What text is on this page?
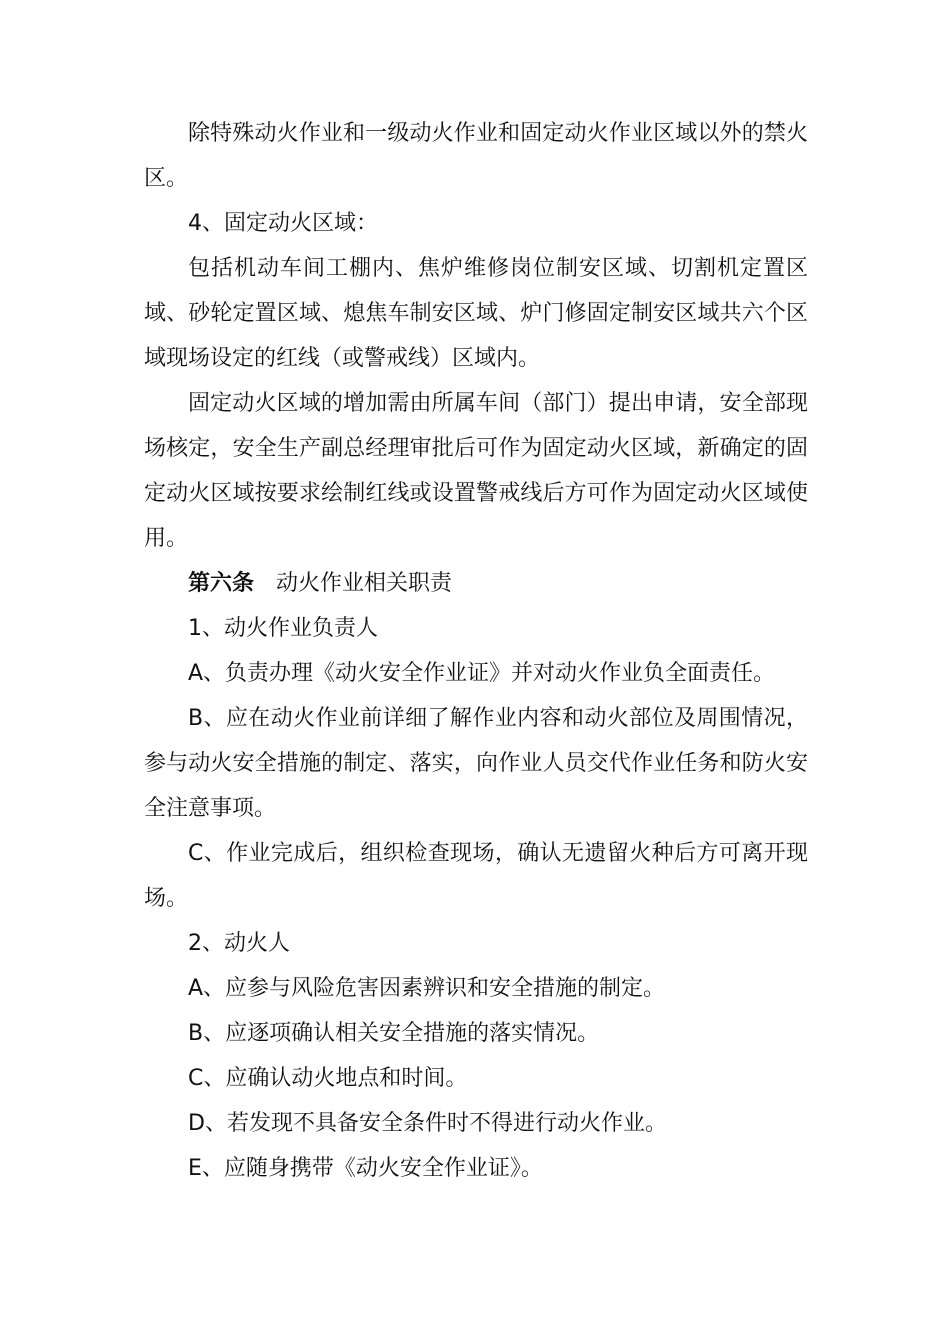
除特殊动火作业和一级动火作业和固定动火作业区域以外的禁火区。

4、固定动火区域：

包括机动车间工棚内、焦炉维修岗位制安区域、切割机定置区域、砂轮定置区域、熄焦车制安区域、炉门修固定制安区域共六个区域现场设定的红线（或警戒线）区域内。

固定动火区域的增加需由所属车间（部门）提出申请，安全部现场核定，安全生产副总经理审批后可作为固定动火区域，新确定的固定动火区域按要求绘制红线或设置警戒线后方可作为固定动火区域使用。

第六条 动火作业相关职责

1、动火作业负责人

A、负责办理《动火安全作业证》并对动火作业负全面责任。

B、应在动火作业前详细了解作业内容和动火部位及周围情况，参与动火安全措施的制定、落实，向作业人员交代作业任务和防火安全注意事项。

C、作业完成后，组织检查现场，确认无遗留火种后方可离开现场。

2、动火人

A、应参与风险危害因素辨识和安全措施的制定。

B、应逐项确认相关安全措施的落实情况。

C、应确认动火地点和时间。

D、若发现不具备安全条件时不得进行动火作业。

E、应随身携带《动火安全作业证》。
